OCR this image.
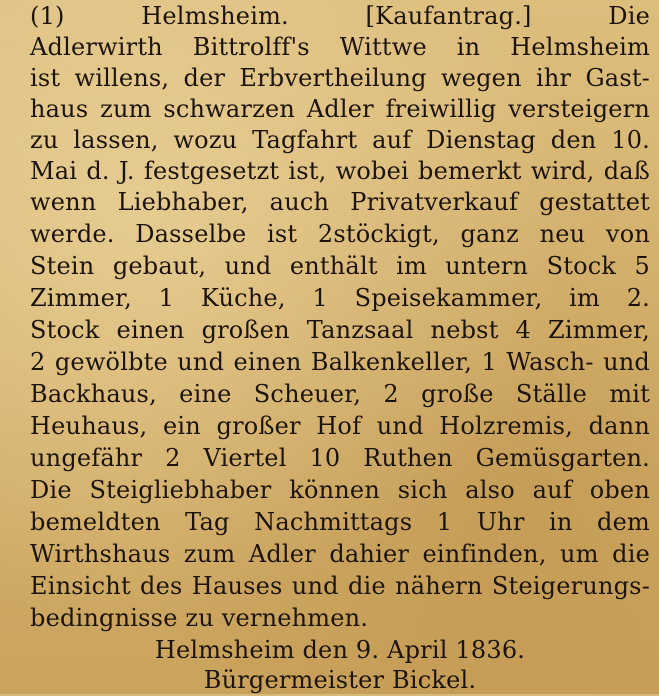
(1) Helmsheim. [Kaufantrag.] Die
Adlerwirth Bittrolff's Wittwe in Helmsheim
ist willens, der Erbvertheilung wegen ihr Gast-
haus zum schwarzen Adler freiwillig versteigern
zu lassen, wozu Tagfahrt auf Dienstag den 10.
Mai d. J. festgesetzt ist, wobei bemerkt wird, daß
wenn Liebhaber, auch Privatverkauf gestattet
werde. Dasselbe ist 2stöckigt, ganz neu von
Stein gebaut, und enthält im untern Stock 5
Zimmer, 1 Küche, 1 Speisekammer, im 2.
Stock einen großen Tanzsaal nebst 4 Zimmer,
2 gewölbte und einen Balkenkeller, 1 Wasch- und
Backhaus, eine Scheuer, 2 große Ställe mit
Heuhaus, ein großer Hof und Holzremis, dann
ungefähr 2 Viertel 10 Ruthen Gemüsgarten.
Die Steigliebhaber können sich also auf oben
bemeldten Tag Nachmittags 1 Uhr in dem
Wirthshaus zum Adler dahier einfinden, um die
Einsicht des Hauses und die nähern Steigerungs-
bedingnisse zu vernehmen.
Helmsheim den 9. April 1836.
Bürgermeister Bickel.
